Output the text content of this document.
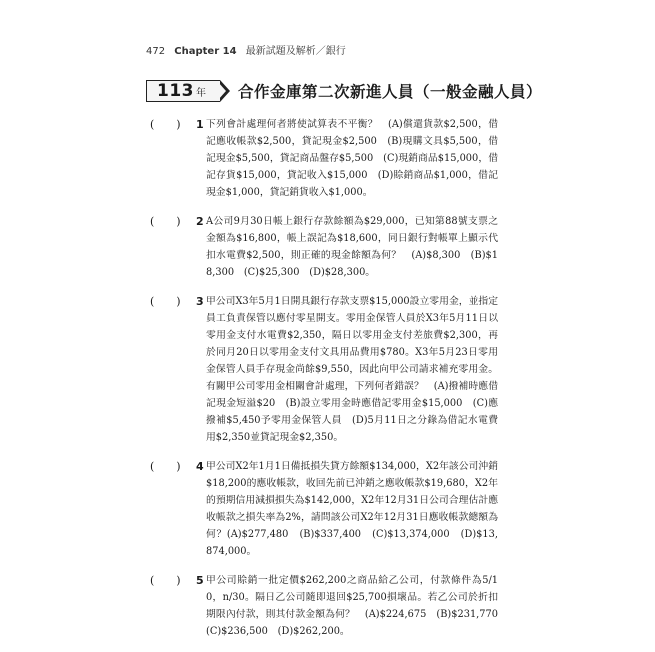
472 Chapter 14 最新試題及解析／銀行
113 年 合作金庫第二次新進人員（一般金融人員）
(　　) 1 下列會計處理何者將使試算表不平衡？　(A)償還貨款$2,500，借記應收帳款$2,500，貸記現金$2,500　(B)現購文具$5,500，借記現金$5,500，貸記商品盤存$5,500　(C)現銷商品$15,000，借記存貨$15,000，貸記收入$15,000　(D)賒銷商品$1,000，借記現金$1,000，貸記銷貨收入$1,000。
(　　) 2 A公司9月30日帳上銀行存款餘額為$29,000，已知第88號支票之金額為$16,800，帳上誤記為$18,600，同日銀行對帳單上顯示代扣水電費$2,500，則正確的現金餘額為何？　(A)$8,300　(B)$18,300　(C)$25,300　(D)$28,300。
(　　) 3 甲公司X3年5月1日開具銀行存款支票$15,000設立零用金，並指定員工負責保管以應付零星開支。零用金保管人員於X3年5月11日以零用金支付水電費$2,350，隔日以零用金支付差旅費$2,300，再於同月20日以零用金支付文具用品費用$780。X3年5月23日零用金保管人員手存現金尚餘$9,550，因此向甲公司請求補充零用金。有關甲公司零用金相關會計處理，下列何者錯誤？　(A)撥補時應借記現金短溢$20　(B)設立零用金時應借記零用金$15,000　(C)應撥補$5,450予零用金保管人員　(D)5月11日之分錄為借記水電費用$2,350並貸記現金$2,350。
(　　) 4 甲公司X2年1月1日備抵損失貸方餘額$134,000，X2年該公司沖銷$18,200的應收帳款，收回先前已沖銷之應收帳款$19,680，X2年的預期信用減損損失為$142,000，X2年12月31日公司合理估計應收帳款之損失率為2%，請問該公司X2年12月31日應收帳款總額為何？(A)$277,480　(B)$337,400　(C)$13,374,000　(D)$13,874,000。
(　　) 5 甲公司賒銷一批定價$262,200之商品給乙公司，付款條件為5/10，n/30。隔日乙公司隨即退回$25,700損壞品。若乙公司於折扣期限內付款，則其付款金額為何？　(A)$224,675　(B)$231,770　(C)$236,500　(D)$262,200。
